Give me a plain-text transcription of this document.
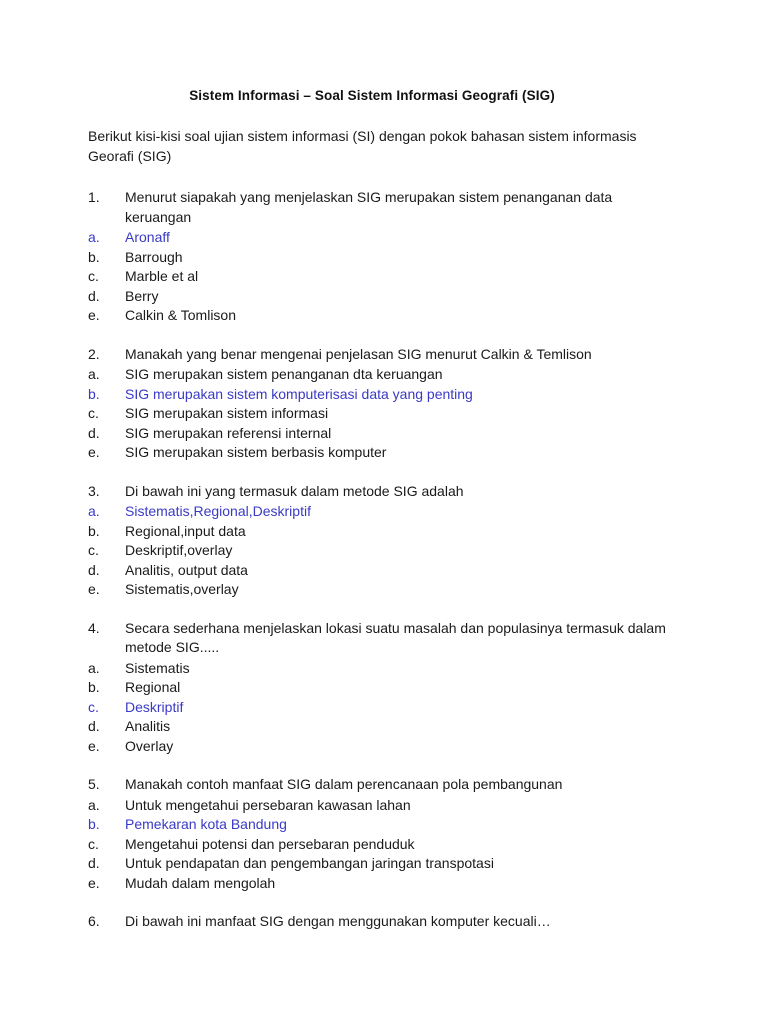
Sistem Informasi – Soal Sistem Informasi Geografi (SIG)

Berikut kisi-kisi soal ujian sistem informasi (SI) dengan pokok bahasan sistem informasis Georafi (SIG)

1.	Menurut siapakah yang menjelaskan SIG merupakan sistem penanganan data keruangan
a.	Aronaff
b.	Barrough
c.	Marble et al
d.	Berry
e.	Calkin & Tomlison
2.	Manakah yang benar mengenai penjelasan SIG menurut Calkin & Temlison
a.	SIG merupakan sistem penanganan dta keruangan
b.	SIG merupakan sistem komputerisasi data yang penting
c.	SIG merupakan sistem informasi
d.	SIG merupakan referensi internal
e.	SIG merupakan sistem berbasis komputer
3.	Di bawah ini yang termasuk dalam metode SIG adalah
a.	Sistematis,Regional,Deskriptif
b.	Regional,input data
c.	Deskriptif,overlay
d.	Analitis, output data
e.	Sistematis,overlay
4.	Secara sederhana menjelaskan lokasi suatu masalah dan populasinya termasuk dalam metode SIG.....
a.	Sistematis
b.	Regional
c.	Deskriptif
d.	Analitis
e.	Overlay
5.	Manakah contoh manfaat SIG dalam perencanaan pola pembangunan
a.	Untuk mengetahui persebaran kawasan lahan
b.	Pemekaran kota Bandung
c.	Mengetahui potensi dan persebaran penduduk
d.	Untuk pendapatan dan pengembangan jaringan transpotasi
e.	Mudah dalam mengolah
6.	Di bawah ini manfaat SIG dengan menggunakan komputer kecuali…
